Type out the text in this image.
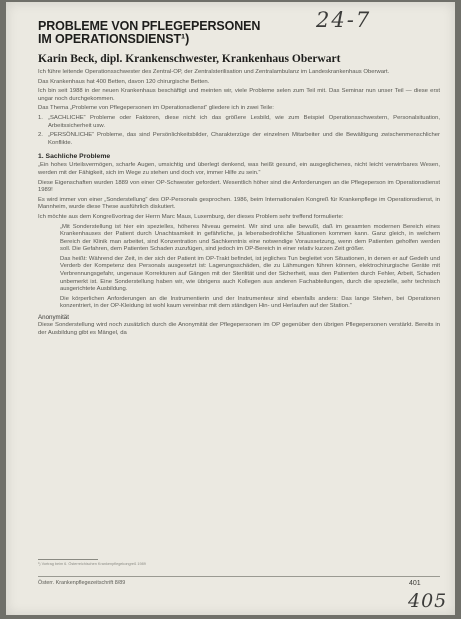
24-7
PROBLEME VON PFLEGEPERSONEN
IM OPERATIONSDIENST¹)
Karin Beck, dipl. Krankenschwester, Krankenhaus Oberwart

Ich führe leitende Operationsschwester des Zentral-OP, der Zentralsterilisation und Zentralambulanz im Landeskrankenhaus Oberwart.

Das Krankenhaus hat 400 Betten, davon 120 chirurgische Betten.

Ich bin seit 1988 in der neuen Krankenhaus beschäftigt und meinten wir, viele Probleme selen zum Teil mit. Das Seminar nun unser Teil — diese erst ungar noch durchgekommen.

Das Thema „Probleme von Pflegepersonen im Operationsdienst“ gliedere ich in zwei Teile:

1. „SACHLICHE“ Probleme oder Faktoren, diese nicht ich das größere Lesbild, wie zum Beispiel Operationsschwestern, Personalsituation, Arbeitssicherheit usw.
2. „PERSÖNLICHE“ Probleme, das sind Persönlichkeitsbilder, Charakterzüge der einzelnen Mitarbeiter und die Bewältigung zwischenmenschlicher Konflikte.
1. Sachliche Probleme

„Ein hohes Urteilsvermögen, scharfe Augen, umsichtig und überlegt denkend, was heißt gesund, ein ausgeglichenes, nicht leicht verwirrbares Wesen, werden mit der Fähigkeit, sich im Wege zu stehen und doch vor, immer Hilfe zu sein.“

Diese Eigenschaften wurden 1889 von einer OP-Schwester gefordert. Wesentlich höher sind die Anforderungen an die Pflegeperson im Operationsdienst 1989!

Es wird immer von einer „Sonderstellung“ des OP-Personals gesprochen. 1986, beim Internationalen Kongreß für Krankenpflege im Operationsdienst, in Mannheim, wurde diese These ausführlich diskutiert.

Ich möchte aus dem Kongreßvortrag der Herrn Marc Maus, Luxemburg, der dieses Problem sehr treffend formulierte:

„Mit Sonderstellung ist hier ein spezielles, höheres Niveau gemeint. Wir sind uns alle bewußt, daß im gesamten modernen Bereich eines Krankenhauses der Patient durch Unachtsamkeit in gefährliche, ja lebensbedrohliche Situationen kommen kann. Ganz gleich, in welchem Bereich der Klinik man arbeitet, sind Konzentration und Sachkenntnis eine notwendige Voraussetzung, wenn dem Patienten geholfen werden soll. Die Gefahren, dem Patienten Schaden zuzufügen, sind jedoch im OP-Bereich in einer relativ kurzen Zeit größer.

Das heißt: Während der Zeit, in der sich der Patient im OP-Trakt befindet, ist jegliches Tun begleitet von Situationen, in denen er auf Gedeih und Verderb der Kompetenz des Personals ausgesetzt ist: Lagerungsschäden, die zu Lähmungen führen können, elektrochirurgische Geräte mit Verbrennungsgefahr, ungenaue Korrekturen auf Gängen mit der Sterilität und der Sicherheit, was den Patienten durch Fehler, Arbeit, Schaden unbemerkt ist. Eine Sonderstellung haben wir, wie übrigens auch Kollegen aus anderen Fachabteilungen, durch die spezielle, sehr technisch ausgerichtete Ausbildung.

Die körperlichen Anforderungen an die Instrumentierin und der Instrumenteur sind ebenfalls anders: Das lange Stehen, bei Operationen konzentriert, in der OP-Kleidung ist wohl kaum vereinbar mit dem ständigen Hin- und Herlaufen auf der Station.“

Anonymität

Diese Sonderstellung wird noch zusätzlich durch die Anonymität der Pflegepersonen im OP gegenüber den übrigen Pflegepersonen verstärkt. Bereits in der Ausbildung gibt es Mängel, da

¹) Vortrag beim 6. Österreichischen Krankenpflegekongreß 1989
Österr. Krankenpflegezeitschrift 8/89	401
405
